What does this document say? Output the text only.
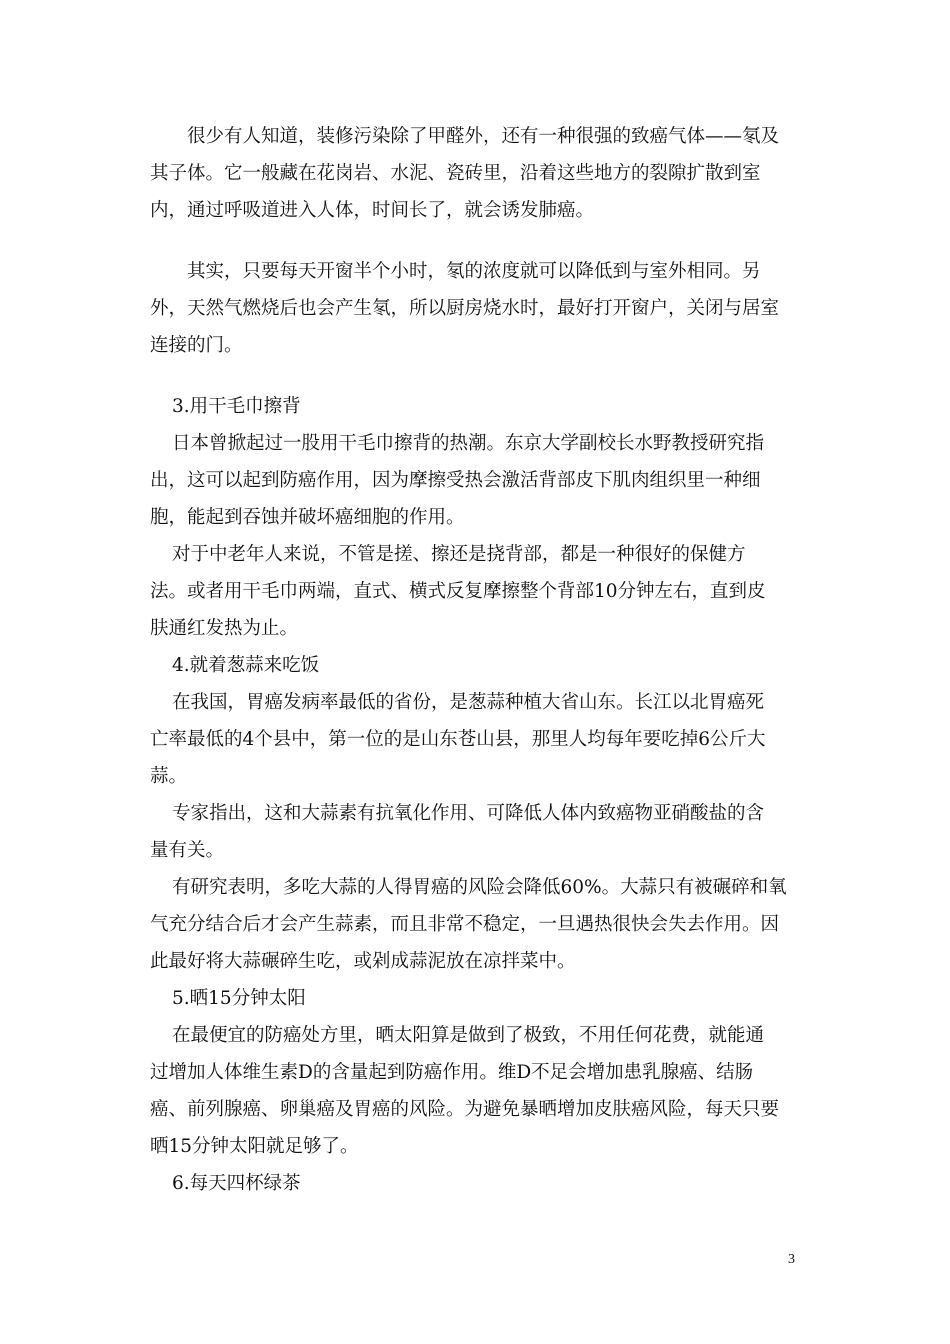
很少有人知道，装修污染除了甲醛外，还有一种很强的致癌气体——氡及
其子体。它一般藏在花岗岩、水泥、瓷砖里，沿着这些地方的裂隙扩散到室
内，通过呼吸道进入人体，时间长了，就会诱发肺癌。
其实，只要每天开窗半个小时，氡的浓度就可以降低到与室外相同。另
外，天然气燃烧后也会产生氡，所以厨房烧水时，最好打开窗户，关闭与居室
连接的门。
3.用干毛巾擦背
日本曾掀起过一股用干毛巾擦背的热潮。东京大学副校长水野教授研究指
出，这可以起到防癌作用，因为摩擦受热会激活背部皮下肌肉组织里一种细
胞，能起到吞蚀并破坏癌细胞的作用。
对于中老年人来说，不管是搓、擦还是挠背部，都是一种很好的保健方
法。或者用干毛巾两端，直式、横式反复摩擦整个背部10分钟左右，直到皮
肤通红发热为止。
4.就着葱蒜来吃饭
在我国，胃癌发病率最低的省份，是葱蒜种植大省山东。长江以北胃癌死
亡率最低的4个县中，第一位的是山东苍山县，那里人均每年要吃掉6公斤大
蒜。
专家指出，这和大蒜素有抗氧化作用、可降低人体内致癌物亚硝酸盐的含
量有关。
有研究表明，多吃大蒜的人得胃癌的风险会降低60%。大蒜只有被碾碎和氧
气充分结合后才会产生蒜素，而且非常不稳定，一旦遇热很快会失去作用。因
此最好将大蒜碾碎生吃，或剁成蒜泥放在凉拌菜中。
5.晒15分钟太阳
在最便宜的防癌处方里，晒太阳算是做到了极致，不用任何花费，就能通
过增加人体维生素D的含量起到防癌作用。维D不足会增加患乳腺癌、结肠
癌、前列腺癌、卵巢癌及胃癌的风险。为避免暴晒增加皮肤癌风险，每天只要
晒15分钟太阳就足够了。
6.每天四杯绿茶
3
